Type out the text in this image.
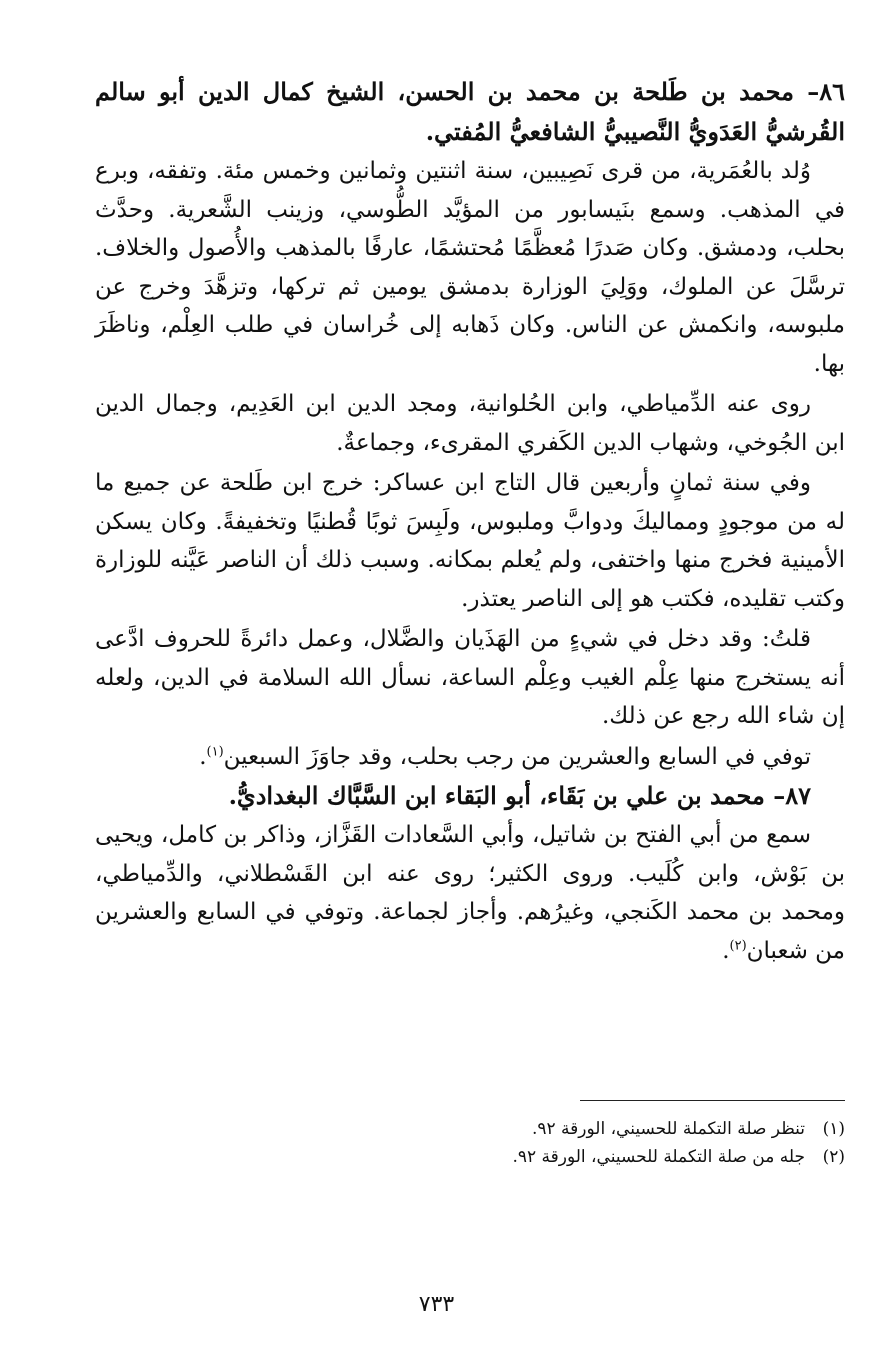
٨٦– محمد بن طَلحة بن محمد بن الحسن، الشيخ كمال الدين أبو سالم القُرشيُّ العَدَويُّ النَّصيبيُّ الشافعيُّ المُفتي.

وُلد بالعُمَرية، من قرى نَصِيبين، سنة اثنتين وثمانين وخمس مئة. وتفقه، وبرع في المذهب. وسمع بنَيسابور من المؤيَّد الطُّوسي، وزينب الشَّعرية. وحدَّث بحلب، ودمشق. وكان صَدرًا مُعظَّمًا مُحتشمًا، عارفًا بالمذهب والأُصول والخلاف. ترسَّلَ عن الملوك، ووَلِيَ الوزارة بدمشق يومين ثم تركها، وتزهَّدَ وخرج عن ملبوسه، وانكمش عن الناس. وكان ذَهابه إلى خُراسان في طلب العِلْم، وناظَرَ بها.

روى عنه الدِّمياطي، وابن الحُلوانية، ومجد الدين ابن العَدِيم، وجمال الدين ابن الجُوخي، وشهاب الدين الكَفري المقرىء، وجماعةٌ.

وفي سنة ثمانٍ وأربعين قال التاج ابن عساكر: خرج ابن طَلحة عن جميع ما له من موجودٍ ومماليكَ ودوابَّ وملبوس، ولَبِسَ ثوبًا قُطنيًا وتخفيفةً. وكان يسكن الأمينية فخرج منها واختفى، ولم يُعلم بمكانه. وسبب ذلك أن الناصر عَيَّنه للوزارة وكتب تقليده، فكتب هو إلى الناصر يعتذر.

قلتُ: وقد دخل في شيءٍ من الهَذَيان والضَّلال، وعمل دائرةً للحروف ادَّعى أنه يستخرج منها عِلْم الغيب وعِلْم الساعة، نسأل الله السلامة في الدين، ولعله إن شاء الله رجع عن ذلك.

توفي في السابع والعشرين من رجب بحلب، وقد جاوَزَ السبعين$^{(١)}$.

٨٧– محمد بن علي بن بَقَاء، أبو البَقاء ابن السَّبَّاك البغداديُّ.

سمع من أبي الفتح بن شاتيل، وأبي السَّعادات القَزَّاز، وذاكر بن كامل، ويحيى بن بَوْش، وابن كُلَيب. وروى الكثير؛ روى عنه ابن القَسْطلاني، والدِّمياطي، ومحمد بن محمد الكَنجي، وغيرُهم. وأجاز لجماعة. وتوفي في السابع والعشرين من شعبان$^{(٢)}$.

(١)
تنظر صلة التكملة للحسيني، الورقة ٩٢.
(٢)
جله من صلة التكملة للحسيني، الورقة ٩٢.
٧٣٣
